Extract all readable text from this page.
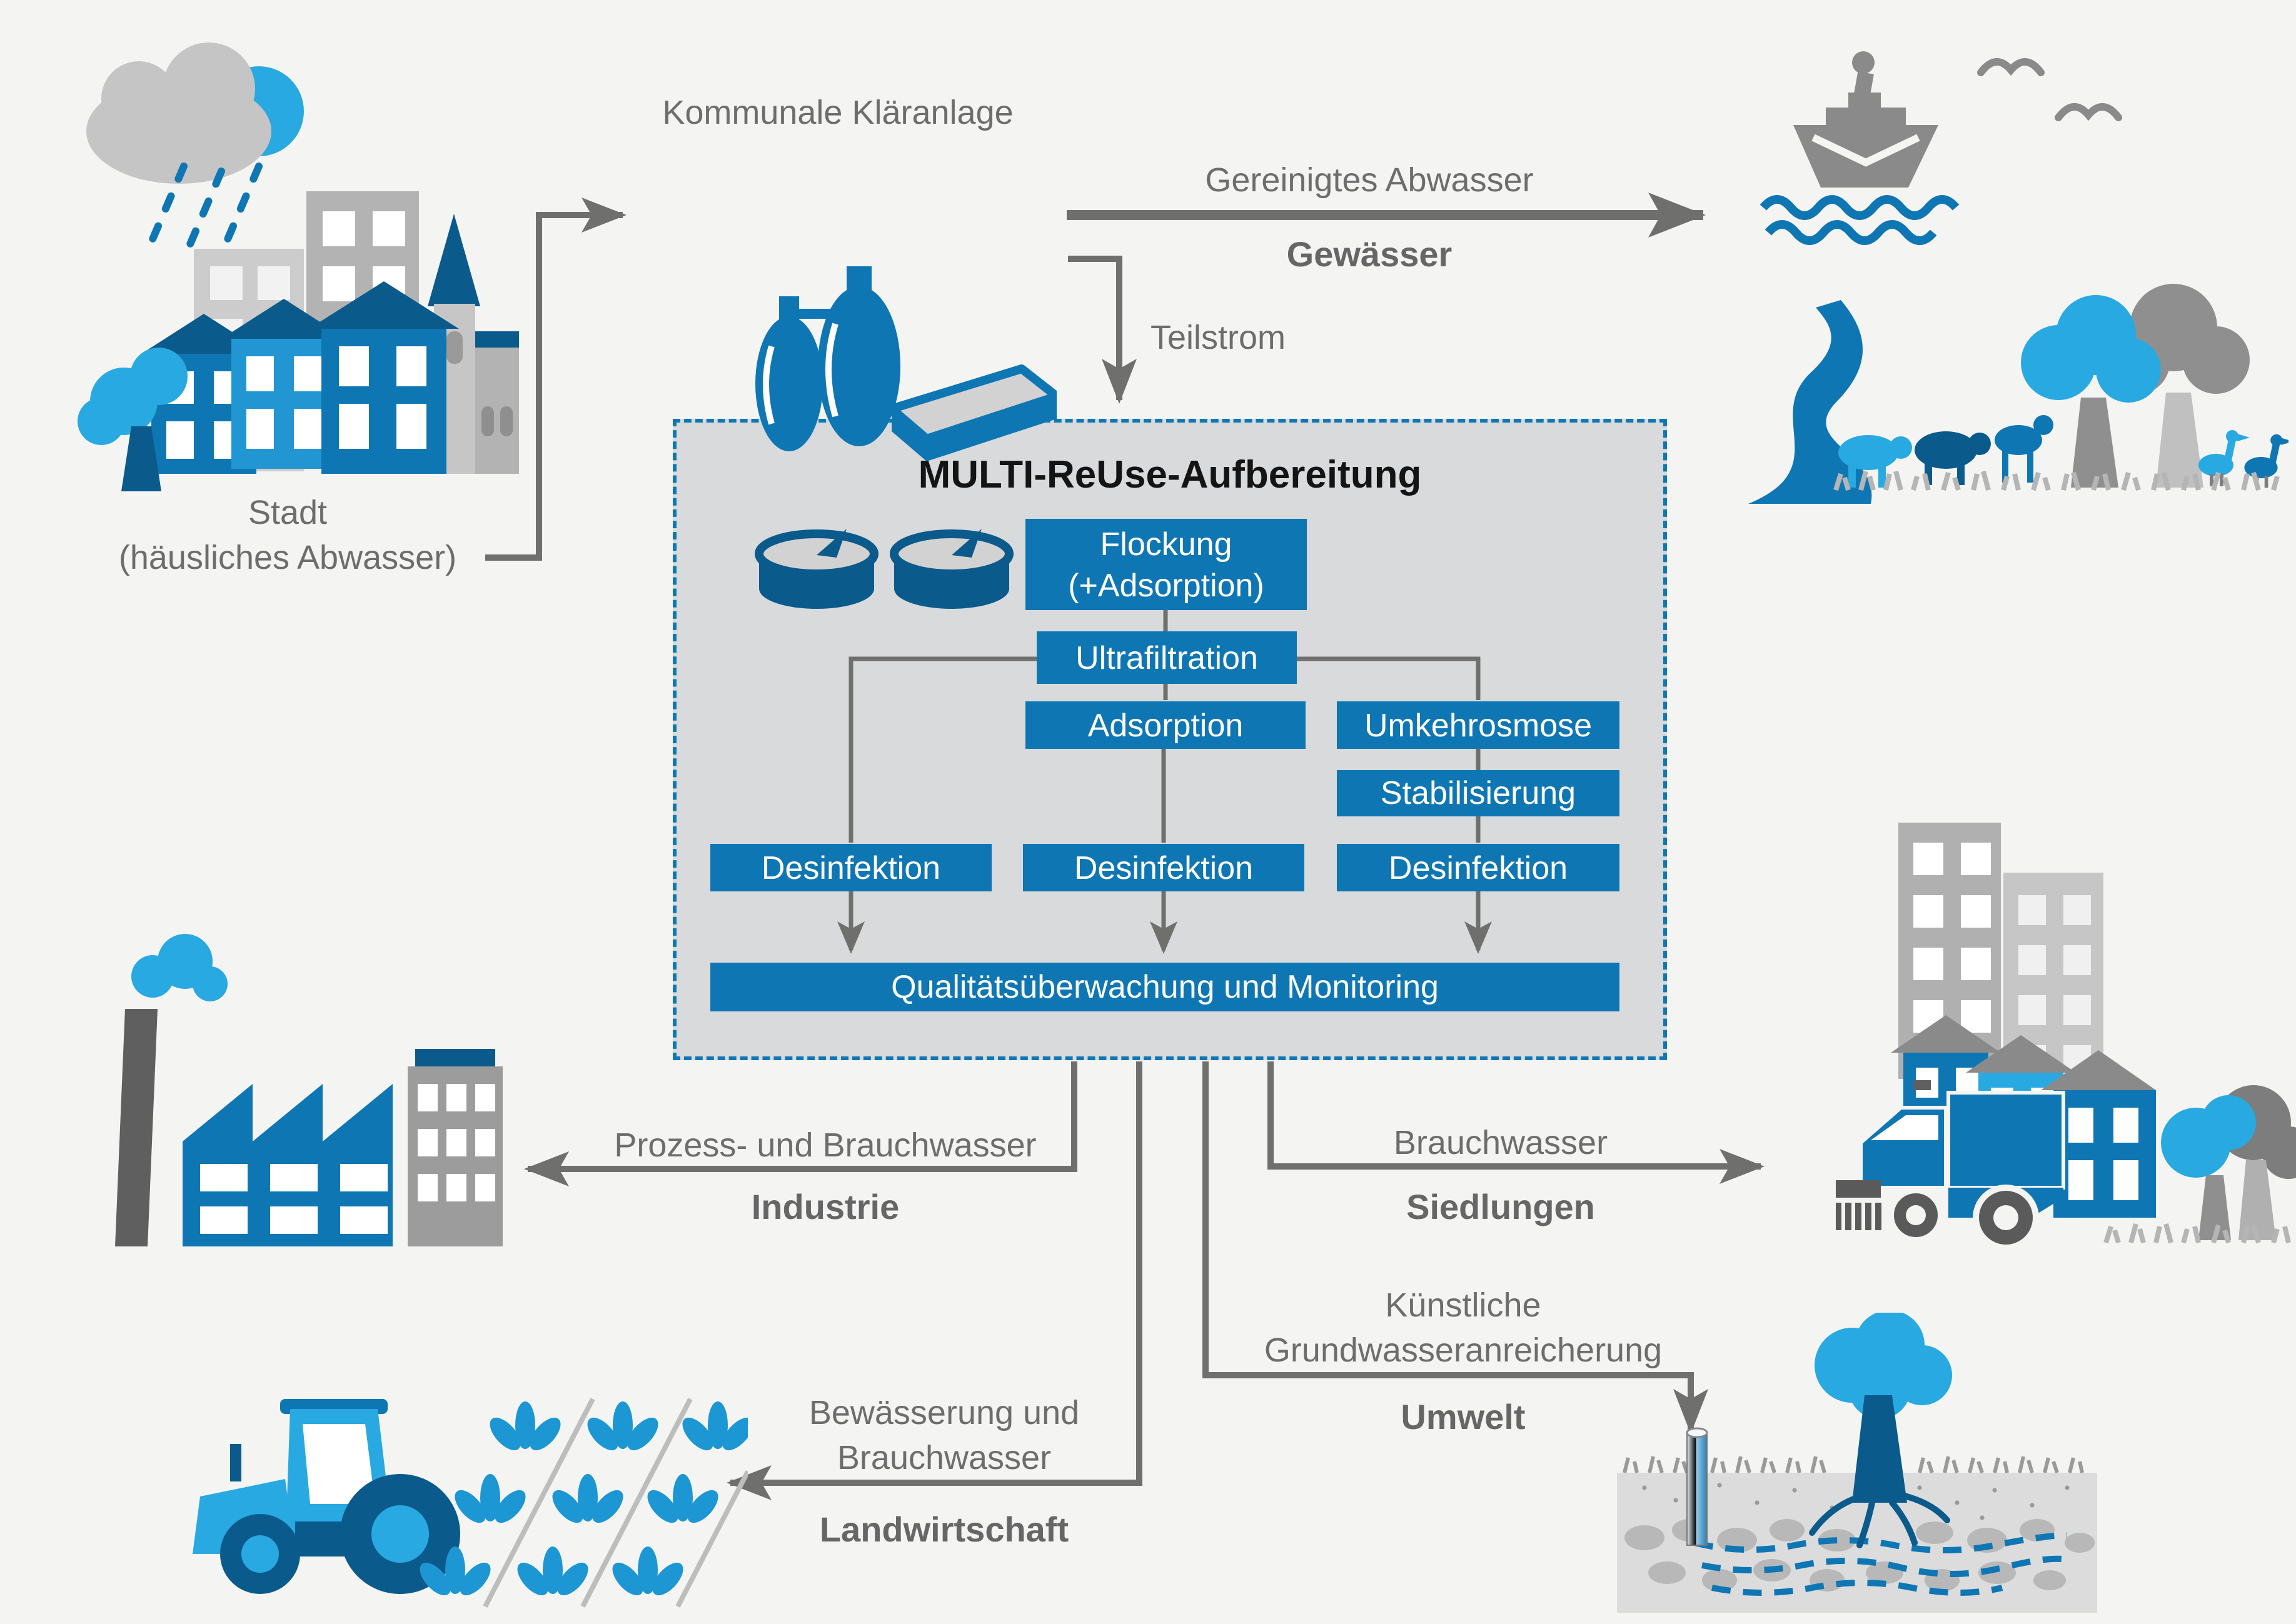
Stadt
(häusliches Abwasser)
Kommunale Kläranlage
Gereinigtes Abwasser
Gewässer
Teilstrom
MULTI-ReUse-Aufbereitung
Flockung
(+Adsorption)
Ultrafiltration
Adsorption	Umkehrosmose
Stabilisierung
Desinfektion	Desinfektion	Desinfektion
Qualitätsüberwachung und Monitoring
Prozess- und Brauchwasser
Industrie
Brauchwasser
Siedlungen
Künstliche
Grundwasseranreicherung
Umwelt
Bewässerung und
Brauchwasser
Landwirtschaft
